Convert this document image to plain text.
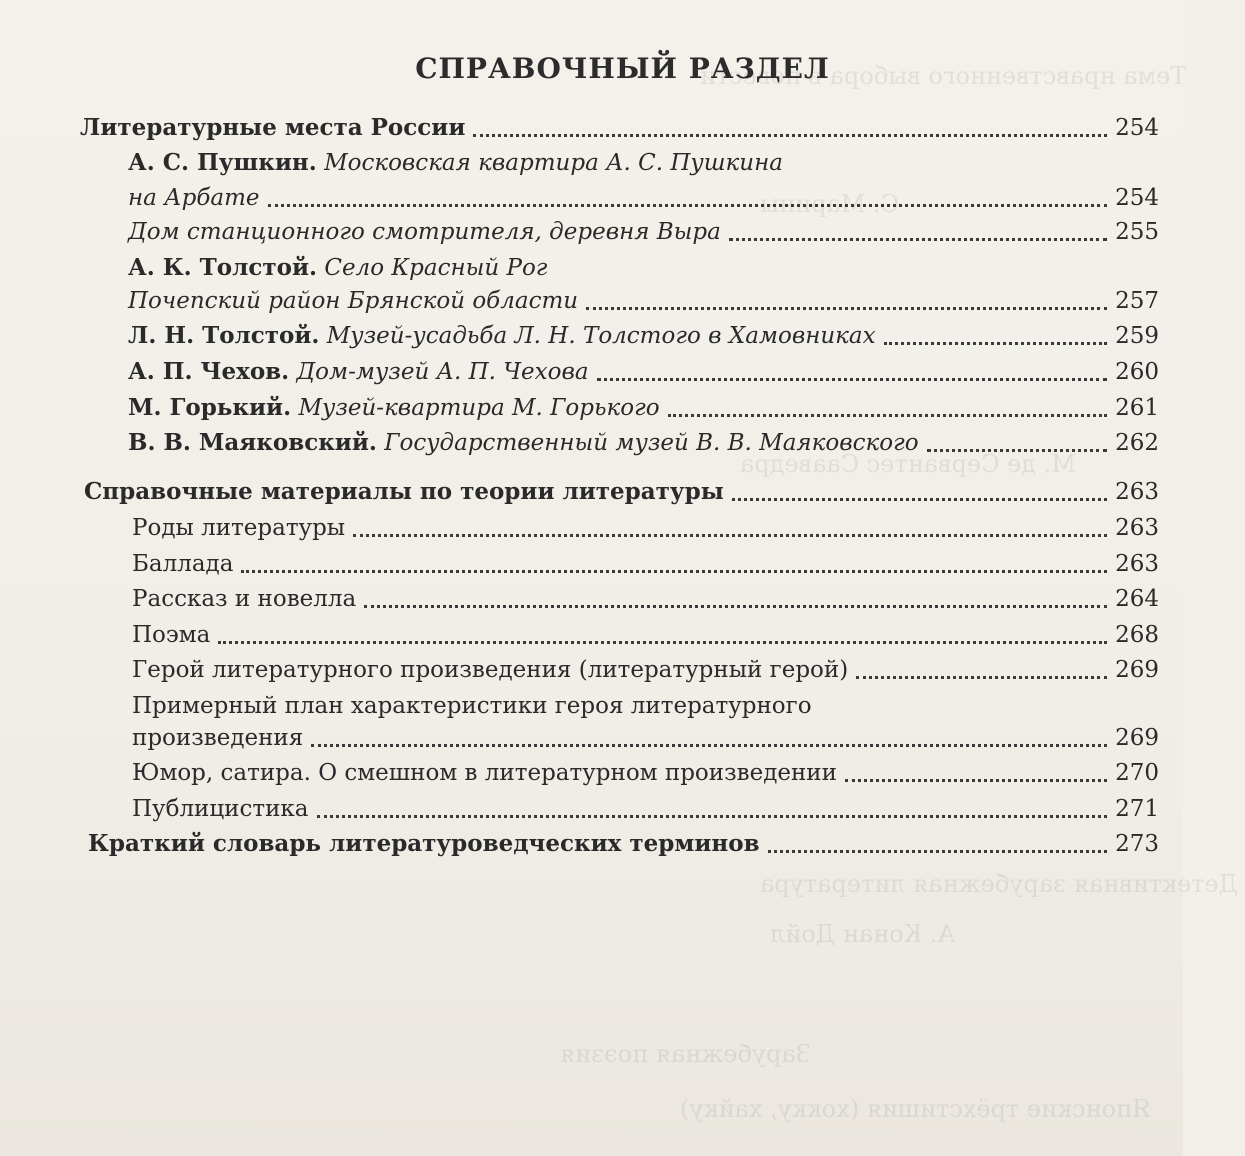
Тема нравственного выбора в повести
С. Марины
М. де Сервантес Сааведра
Детективная зарубежная литература
А. Конан Дойл
Зарубежная поэзия
Японские трёхстишия (хокку, хайку)
СПРАВОЧНЫЙ РАЗДЕЛ
Литературные места России	254
А. С. Пушкин. Московская квартира А. С. Пушкина
на Арбате	254
Дом станционного смотрителя, деревня Выра	255
А. К. Толстой. Село Красный Рог
Почепский район Брянской области	257
Л. Н. Толстой. Музей-усадьба Л. Н. Толстого в Хамовниках	259
А. П. Чехов. Дом-музей А. П. Чехова	260
М. Горький. Музей-квартира М. Горького	261
В. В. Маяковский. Государственный музей В. В. Маяковского	262
Справочные материалы по теории литературы	263
Роды литературы	263
Баллада	263
Рассказ и новелла	264
Поэма	268
Герой литературного произведения (литературный герой)	269
Примерный план характеристики героя литературного
произведения	269
Юмор, сатира. О смешном в литературном произведении	270
Публицистика	271
Краткий словарь литературоведческих терминов	273
